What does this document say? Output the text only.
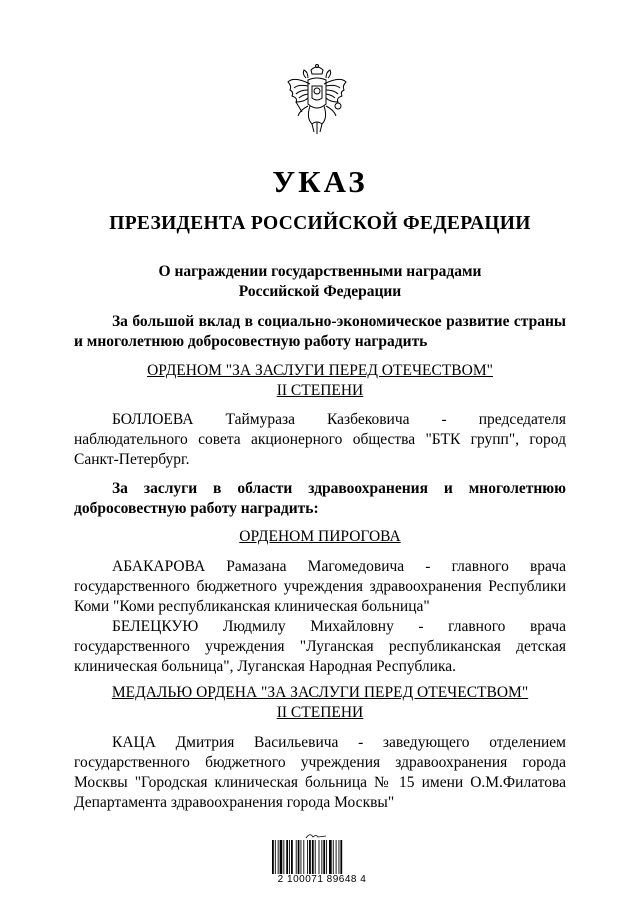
УКАЗ
ПРЕЗИДЕНТА РОССИЙСКОЙ ФЕДЕРАЦИИ
О награждении государственными наградами
Российской Федерации
За большой вклад в социально-экономическое развитие страны и многолетнюю добросовестную работу наградить
ОРДЕНОМ "ЗА ЗАСЛУГИ ПЕРЕД ОТЕЧЕСТВОМ"
II СТЕПЕНИ
БОЛЛОЕВА Таймураза Казбековича - председателя наблюдательного совета акционерного общества "БТК групп", город Санкт-Петербург.
За заслуги в области здравоохранения и многолетнюю добросовестную работу наградить:
ОРДЕНОМ ПИРОГОВА
АБАКАРОВА Рамазана Магомедовича - главного врача государственного бюджетного учреждения здравоохранения Республики Коми "Коми республиканская клиническая больница"
БЕЛЕЦКУЮ Людмилу Михайловну - главного врача государственного учреждения "Луганская республиканская детская клиническая больница", Луганская Народная Республика.
МЕДАЛЬЮ ОРДЕНА "ЗА ЗАСЛУГИ ПЕРЕД ОТЕЧЕСТВОМ"
II СТЕПЕНИ
КАЦА Дмитрия Васильевича - заведующего отделением государственного бюджетного учреждения здравоохранения города Москвы "Городская клиническая больница № 15 имени О.М.Филатова Департамента здравоохранения города Москвы"
2 100071 89648 4
